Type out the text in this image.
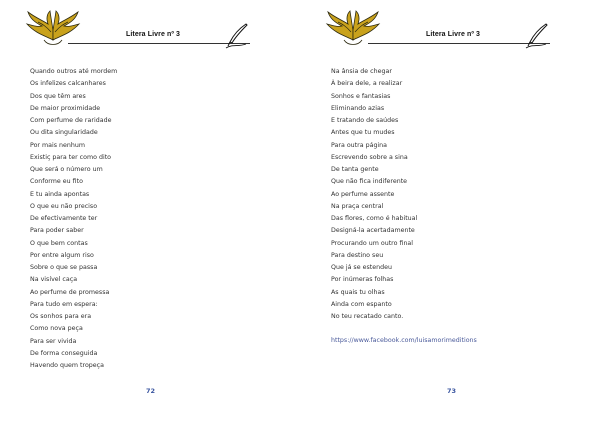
Litera Livre nº 3
Quando outros até mordem
Os infelizes calcanhares
Dos que têm ares
De maior proximidade
Com perfume de raridade
Ou dita singularidade
Por mais nenhum
Existiç para ter como dito
Que será o número um
Conforme eu fito
E tu ainda apontas
O que eu não preciso
De efectivamente ter
Para poder saber
O que bem contas
Por entre algum riso
Sobre o que se passa
Na visível caça
Ao perfume de promessa
Para tudo em espera:
Os sonhos para era
Como nova peça
Para ser vivida
De forma conseguida
Havendo quem tropeça
72
Litera Livre nº 3
Na ânsia de chegar
À beira dele, a realizar
Sonhos e fantasias
Eliminando azias
E tratando de saúdes
Antes que tu mudes
Para outra página
Escrevendo sobre a sina
De tanta gente
Que não fica indiferente
Ao perfume assente
Na praça central
Das flores, como é habitual
Designá-la acertadamente
Procurando um outro final
Para destino seu
Que já se estendeu
Por inúmeras folhas
As quais tu olhas
Ainda com espanto
No teu recatado canto.
https://www.facebook.com/luisamorimeditions
73
